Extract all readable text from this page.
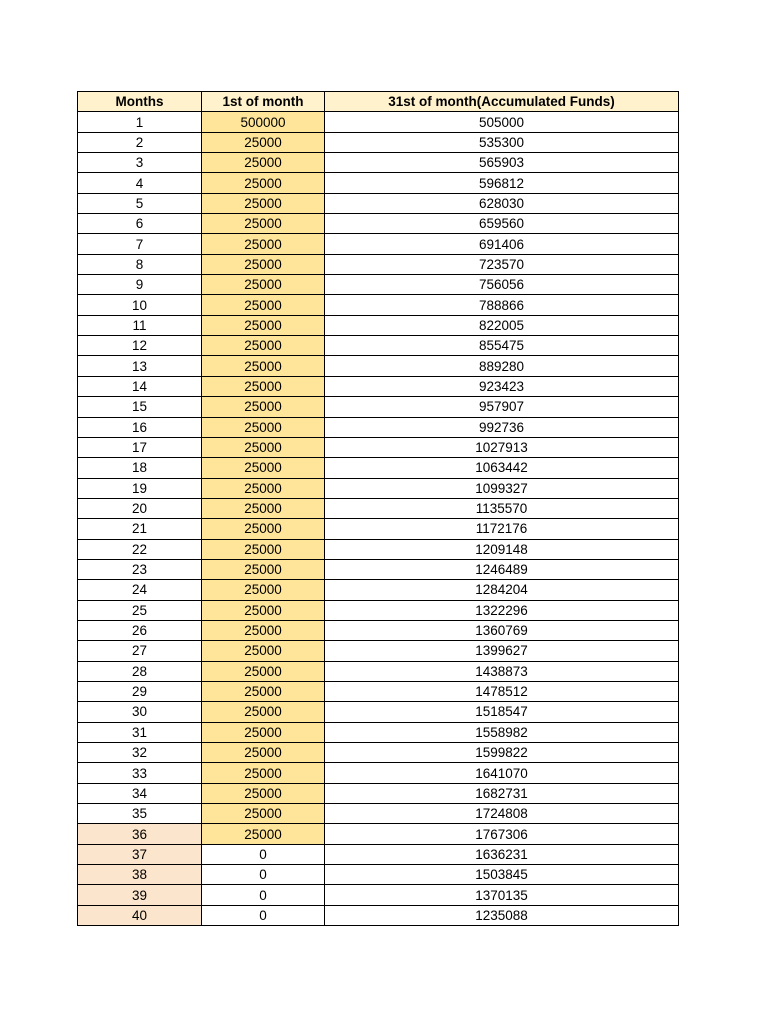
Months	1st of month	31st of month(Accumulated Funds)
1	500000	505000
2	25000	535300
3	25000	565903
4	25000	596812
5	25000	628030
6	25000	659560
7	25000	691406
8	25000	723570
9	25000	756056
10	25000	788866
11	25000	822005
12	25000	855475
13	25000	889280
14	25000	923423
15	25000	957907
16	25000	992736
17	25000	1027913
18	25000	1063442
19	25000	1099327
20	25000	1135570
21	25000	1172176
22	25000	1209148
23	25000	1246489
24	25000	1284204
25	25000	1322296
26	25000	1360769
27	25000	1399627
28	25000	1438873
29	25000	1478512
30	25000	1518547
31	25000	1558982
32	25000	1599822
33	25000	1641070
34	25000	1682731
35	25000	1724808
36	25000	1767306
37	0	1636231
38	0	1503845
39	0	1370135
40	0	1235088
